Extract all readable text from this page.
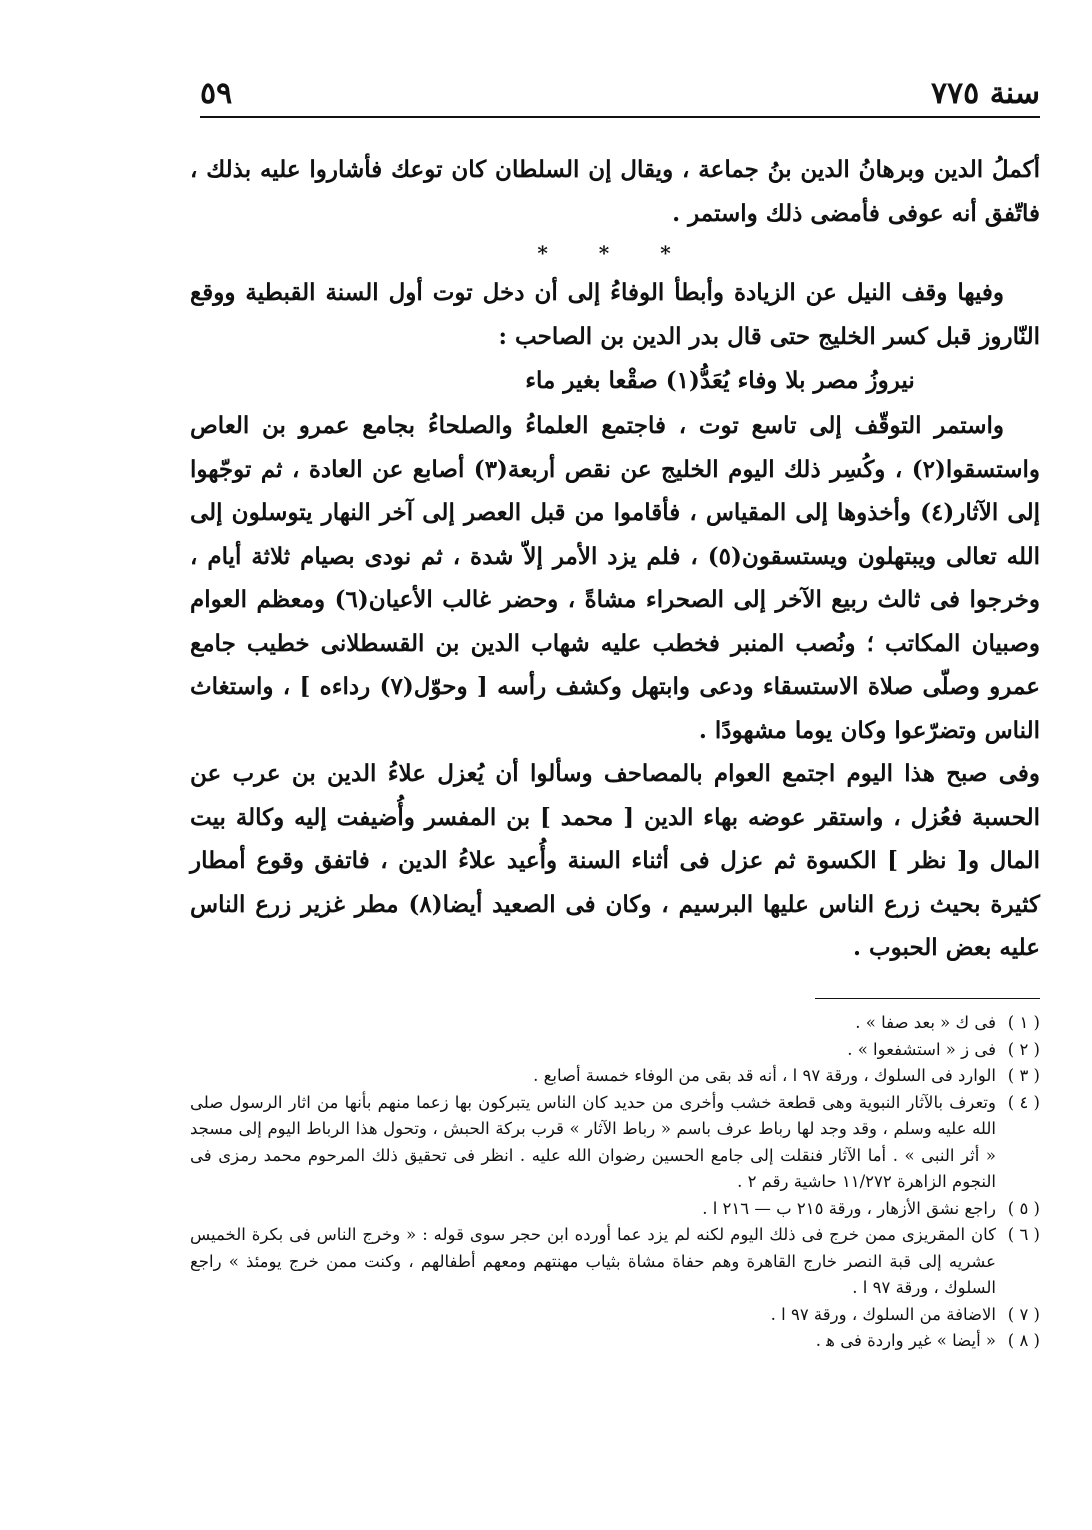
سنة ٧٧٥
٥٩

أكملُ الدين وبرهانُ الدين بنُ جماعة ، ويقال إن السلطان كان توعك فأشاروا عليه بذلك ، فاتّفق أنه عوفى فأمضى ذلك واستمر .

* * *

وفيها وقف النيل عن الزيادة وأبطأ الوفاءُ إلى أن دخل توت أول السنة القبطية ووقع النّاروز قبل كسر الخليج حتى قال بدر الدين بن الصاحب :

نيروزُ مصر بلا وفاء يُعَدُّ(١) صقْعا بغير ماء

واستمر التوقّف إلى تاسع توت ، فاجتمع العلماءُ والصلحاءُ بجامع عمرو بن العاص واستسقوا(٢) ، وكُسِر ذلك اليوم الخليج عن نقص أربعة(٣) أصابع عن العادة ، ثم توجّهوا إلى الآثار(٤) وأخذوها إلى المقياس ، فأقاموا من قبل العصر إلى آخر النهار يتوسلون إلى الله تعالى ويبتهلون ويستسقون(٥) ، فلم يزد الأمر إلاّ شدة ، ثم نودى بصيام ثلاثة أيام ، وخرجوا فى ثالث ربيع الآخر إلى الصحراء مشاةً ، وحضر غالب الأعيان(٦) ومعظم العوام وصبيان المكاتب ؛ ونُصب المنبر فخطب عليه شهاب الدين بن القسطلانى خطيب جامع عمرو وصلّى صلاة الاستسقاء ودعى وابتهل وكشف رأسه [ وحوّل(٧) رداءه ] ، واستغاث الناس وتضرّعوا وكان يوما مشهودًا .

وفى صبح هذا اليوم اجتمع العوام بالمصاحف وسألوا أن يُعزل علاءُ الدين بن عرب عن الحسبة فعُزل ، واستقر عوضه بهاء الدين [ محمد ] بن المفسر وأُضيفت إليه وكالة بيت المال و[ نظر ] الكسوة ثم عزل فى أثناء السنة وأُعيد علاءُ الدين ، فاتفق وقوع أمطار كثيرة بحيث زرع الناس عليها البرسيم ، وكان فى الصعيد أيضا(٨) مطر غزير زرع الناس عليه بعض الحبوب .

( ١ )
فى ك « بعد صفا » .
( ٢ )
فى ز « استشفعوا » .
( ٣ )
الوارد فى السلوك ، ورقة ٩٧ ا ، أنه قد بقى من الوفاء خمسة أصابع .
( ٤ )
وتعرف بالآثار النبوية وهى قطعة خشب وأخرى من حديد كان الناس يتبركون بها زعما منهم بأنها من اثار الرسول صلى الله عليه وسلم ، وقد وجد لها رباط عرف باسم « رباط الآثار » قرب بركة الحبش ، وتحول هذا الرباط اليوم إلى مسجد « أثر النبى » . أما الآثار فنقلت إلى جامع الحسين رضوان الله عليه . انظر فى تحقيق ذلك المرحوم محمد رمزى فى النجوم الزاهرة ١١/٢٧٢ حاشية رقم ٢ .
( ٥ )
راجع نشق الأزهار ، ورقة ٢١٥ ب — ٢١٦ ا .
( ٦ )
كان المقريزى ممن خرج فى ذلك اليوم لكنه لم يزد عما أورده ابن حجر سوى قوله : « وخرج الناس فى بكرة الخميس عشريه إلى قبة النصر خارج القاهرة وهم حفاة مشاة بثياب مهنتهم ومعهم أطفالهم ، وكنت ممن خرج يومئذ » راجع السلوك ، ورقة ٩٧ ا .
( ٧ )
الاضافة من السلوك ، ورقة ٩٧ ا .
( ٨ )
« أيضا » غير واردة فى ﻫ .
